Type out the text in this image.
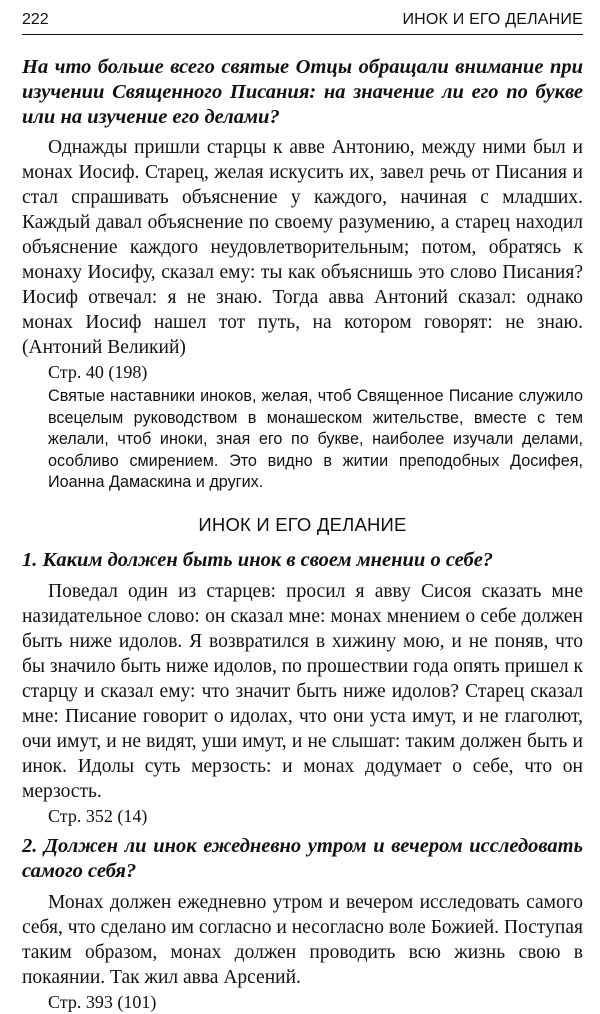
222	ИНОК И ЕГО ДЕЛАНИЕ

На что больше всего святые Отцы обращали внимание при изучении Священного Писания: на значение ли его по букве или на изучение его делами?

Однажды пришли старцы к авве Антонию, между ними был и монах Иосиф. Старец, желая искусить их, завел речь от Писания и стал спрашивать объяснение у каждого, начиная с младших. Каждый давал объяснение по своему разумению, а старец находил объяснение каждого неудовлетворительным; потом, обратясь к монаху Иосифу, сказал ему: ты как объяснишь это слово Писания? Иосиф отвечал: я не знаю. Тогда авва Антоний сказал: однако монах Иосиф нашел тот путь, на котором говорят: не знаю. (Антоний Великий)

Стр. 40 (198)

Святые наставники иноков, желая, чтоб Священное Писание служило всецелым руководством в монашеском жительстве, вместе с тем желали, чтоб иноки, зная его по букве, наиболее изучали делами, особливо смирением. Это видно в житии преподобных Досифея, Иоанна Дамаскина и других.

ИНОК И ЕГО ДЕЛАНИЕ

1. Каким должен быть инок в своем мнении о себе?

Поведал один из старцев: просил я авву Сисоя сказать мне назидательное слово: он сказал мне: монах мнением о себе должен быть ниже идолов. Я возвратился в хижину мою, и не поняв, что бы значило быть ниже идолов, по прошествии года опять пришел к старцу и сказал ему: что значит быть ниже идолов? Старец сказал мне: Писание говорит о идолах, что они уста имут, и не глаголют, очи имут, и не видят, уши имут, и не слышат: таким должен быть и инок. Идолы суть мерзость: и монах додумает о себе, что он мерзость.

Стр. 352 (14)

2. Должен ли инок ежедневно утром и вечером исследовать самого себя?

Монах должен ежедневно утром и вечером исследовать самого себя, что сделано им согласно и несогласно воле Божией. Поступая таким образом, монах должен проводить всю жизнь свою в покаянии. Так жил авва Арсений.

Стр. 393 (101)
